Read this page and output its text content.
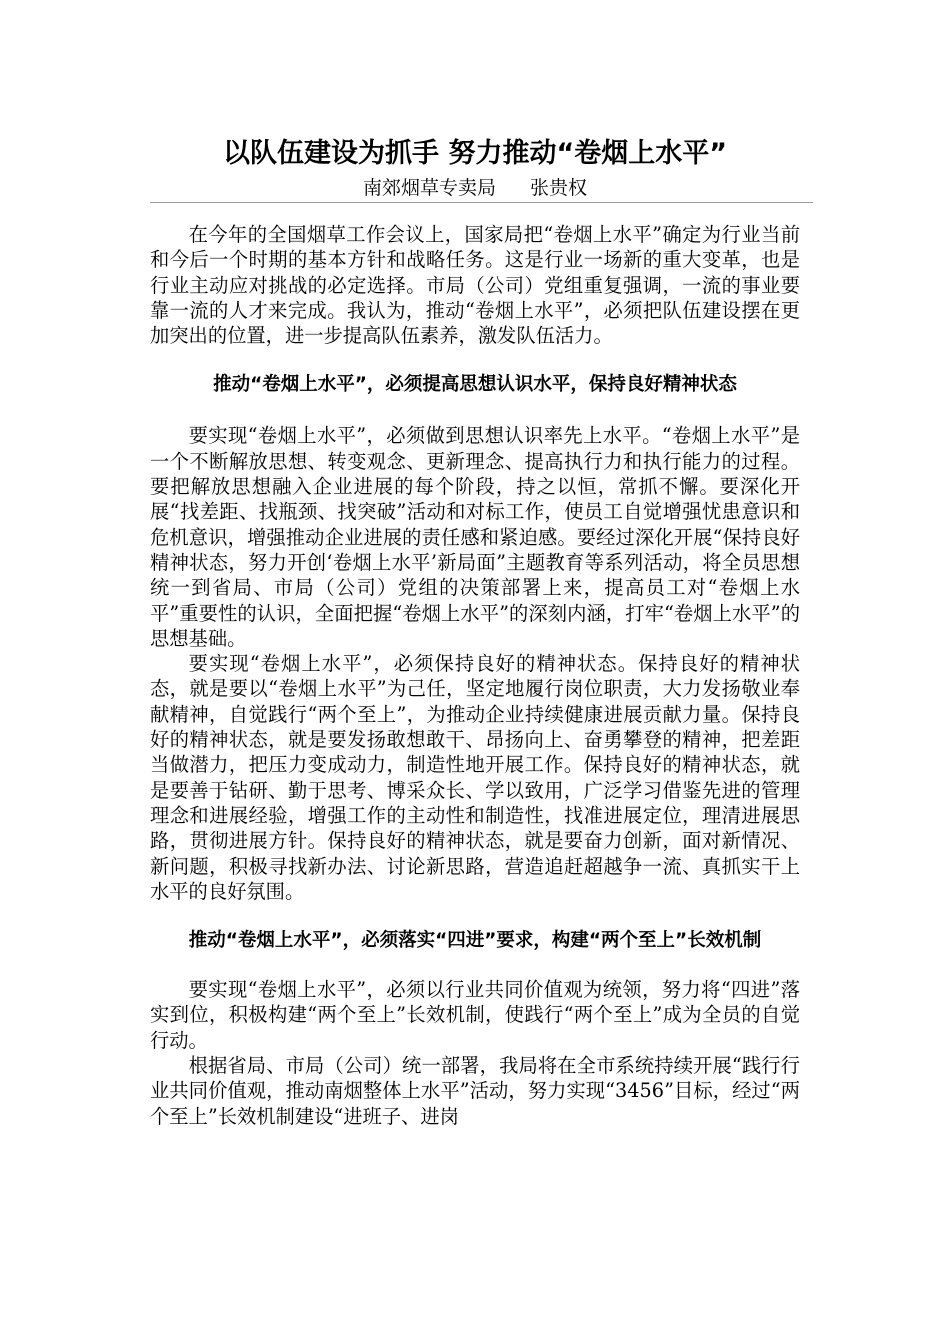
以队伍建设为抓手 努力推动“卷烟上水平”
南郊烟草专卖局 张贵权

在今年的全国烟草工作会议上，国家局把“卷烟上水平”确定为行业当前和今后一个时期的基本方针和战略任务。这是行业一场新的重大变革，也是行业主动应对挑战的必定选择。市局（公司）党组重复强调，一流的事业要靠一流的人才来完成。我认为，推动“卷烟上水平”，必须把队伍建设摆在更加突出的位置，进一步提高队伍素养，激发队伍活力。

推动“卷烟上水平”，必须提高思想认识水平，保持良好精神状态

要实现“卷烟上水平”，必须做到思想认识率先上水平。“卷烟上水平”是一个不断解放思想、转变观念、更新理念、提高执行力和执行能力的过程。要把解放思想融入企业进展的每个阶段，持之以恒，常抓不懈。要深化开展“找差距、找瓶颈、找突破”活动和对标工作，使员工自觉增强忧患意识和危机意识，增强推动企业进展的责任感和紧迫感。要经过深化开展“保持良好精神状态，努力开创‘卷烟上水平’新局面”主题教育等系列活动，将全员思想统一到省局、市局（公司）党组的决策部署上来，提高员工对“卷烟上水平”重要性的认识，全面把握“卷烟上水平”的深刻内涵，打牢“卷烟上水平”的思想基础。

要实现“卷烟上水平”，必须保持良好的精神状态。保持良好的精神状态，就是要以“卷烟上水平”为己任，坚定地履行岗位职责，大力发扬敬业奉献精神，自觉践行“两个至上”，为推动企业持续健康进展贡献力量。保持良好的精神状态，就是要发扬敢想敢干、昂扬向上、奋勇攀登的精神，把差距当做潜力，把压力变成动力，制造性地开展工作。保持良好的精神状态，就是要善于钻研、勤于思考、博采众长、学以致用，广泛学习借鉴先进的管理理念和进展经验，增强工作的主动性和制造性，找准进展定位，理清进展思路，贯彻进展方针。保持良好的精神状态，就是要奋力创新，面对新情况、新问题，积极寻找新办法、讨论新思路，营造追赶超越争一流、真抓实干上水平的良好氛围。

推动“卷烟上水平”，必须落实“四进”要求，构建“两个至上”长效机制

要实现“卷烟上水平”，必须以行业共同价值观为统领，努力将“四进”落实到位，积极构建“两个至上”长效机制，使践行“两个至上”成为全员的自觉行动。

根据省局、市局（公司）统一部署，我局将在全市系统持续开展“践行行业共同价值观，推动南烟整体上水平”活动，努力实现“3456”目标，经过“两个至上”长效机制建设“进班子、进岗
